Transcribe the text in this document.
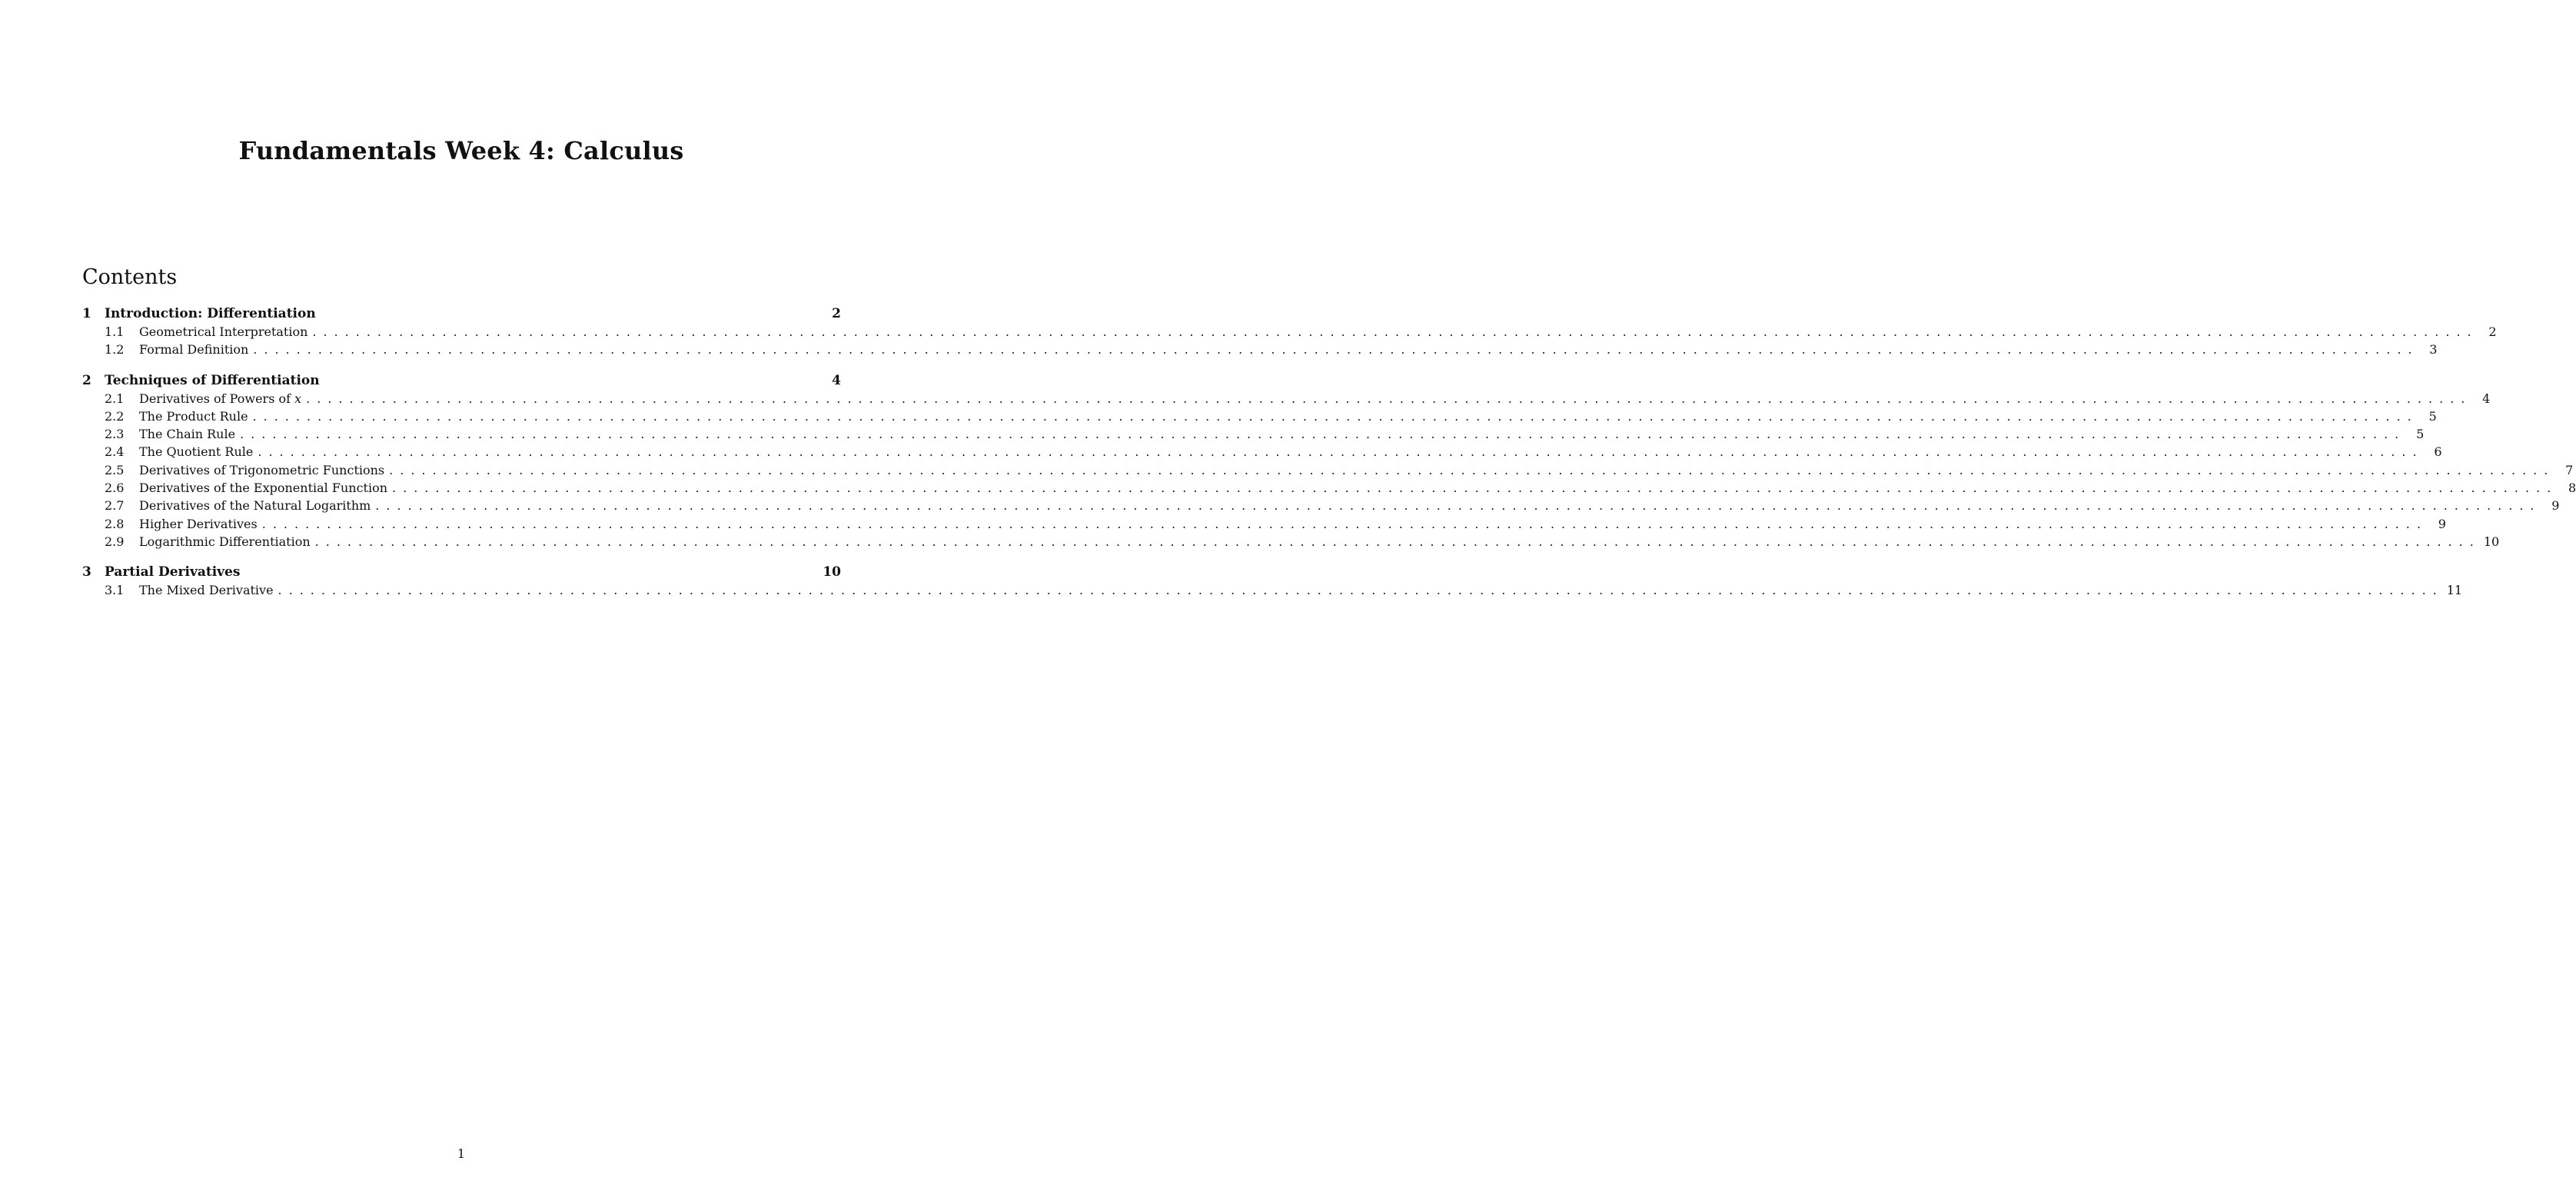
Fundamentals Week 4: Calculus
Contents
1	Introduction: Differentiation	2
1.1	Geometrical Interpretation ........................................................................................................................................................................................................ 2
1.2	Formal Definition ........................................................................................................................................................................................................ 3
2	Techniques of Differentiation	4
2.1	Derivatives of Powers of x ........................................................................................................................................................................................................ 4
2.2	The Product Rule ........................................................................................................................................................................................................ 5
2.3	The Chain Rule ........................................................................................................................................................................................................ 5
2.4	The Quotient Rule ........................................................................................................................................................................................................ 6
2.5	Derivatives of Trigonometric Functions ........................................................................................................................................................................................................ 7
2.6	Derivatives of the Exponential Function ........................................................................................................................................................................................................ 8
2.7	Derivatives of the Natural Logarithm ........................................................................................................................................................................................................ 9
2.8	Higher Derivatives ........................................................................................................................................................................................................ 9
2.9	Logarithmic Differentiation ........................................................................................................................................................................................................ 10
3	Partial Derivatives	10
3.1	The Mixed Derivative ........................................................................................................................................................................................................ 11
1
